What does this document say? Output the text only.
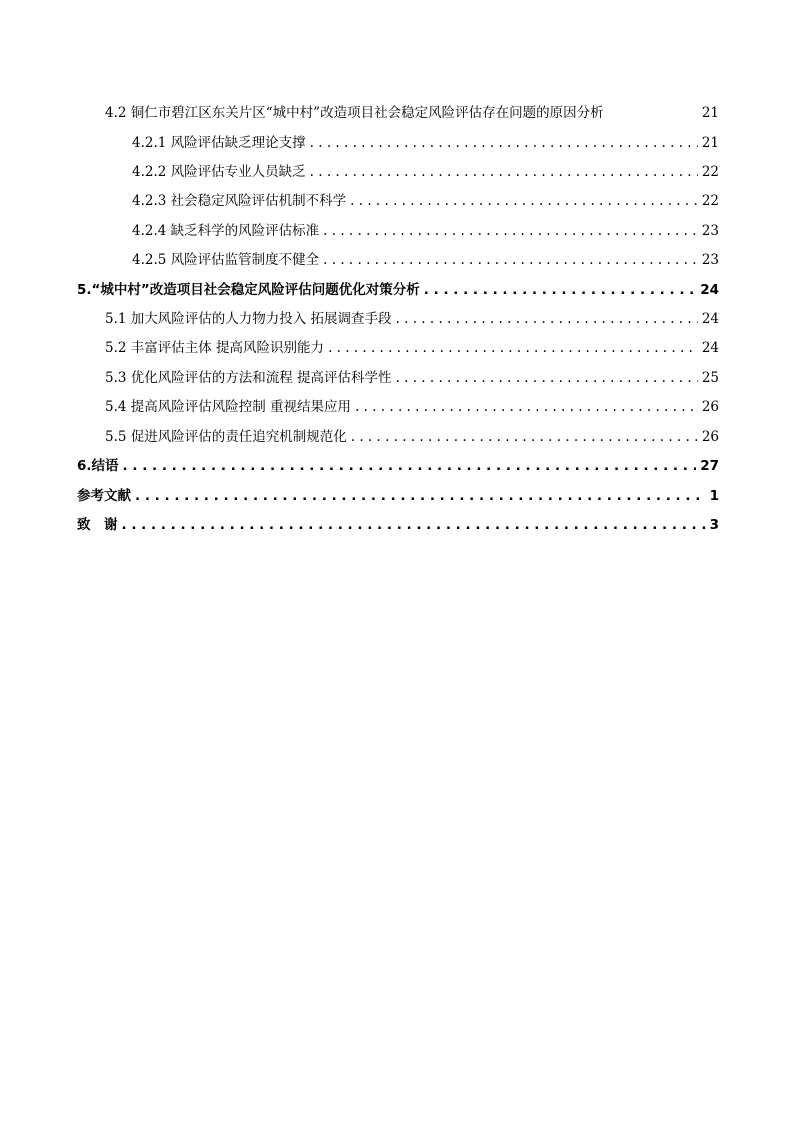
4.2 铜仁市碧江区东关片区“城中村”改造项目社会稳定风险评估存在问题的原因分析	21
4.2.1 风险评估缺乏理论支撑 . . .	21
4.2.2 风险评估专业人员缺乏 . . .	22
4.2.3 社会稳定风险评估机制不科学 . . .	22
4.2.4 缺乏科学的风险评估标准 . . .	23
4.2.5 风险评估监管制度不健全 . . .	23
5.“城中村”改造项目社会稳定风险评估问题优化对策分析 . . .	24
5.1 加大风险评估的人力物力投入 拓展调查手段 . . .	24
5.2 丰富评估主体 提高风险识别能力 . . .	24
5.3 优化风险评估的方法和流程 提高评估科学性 . . .	25
5.4 提高风险评估风险控制 重视结果应用 . . .	26
5.5 促进风险评估的责任追究机制规范化 . . .	26
6.结语 . . .	27
参考文献 . . .	1
致　谢 . . .	3
